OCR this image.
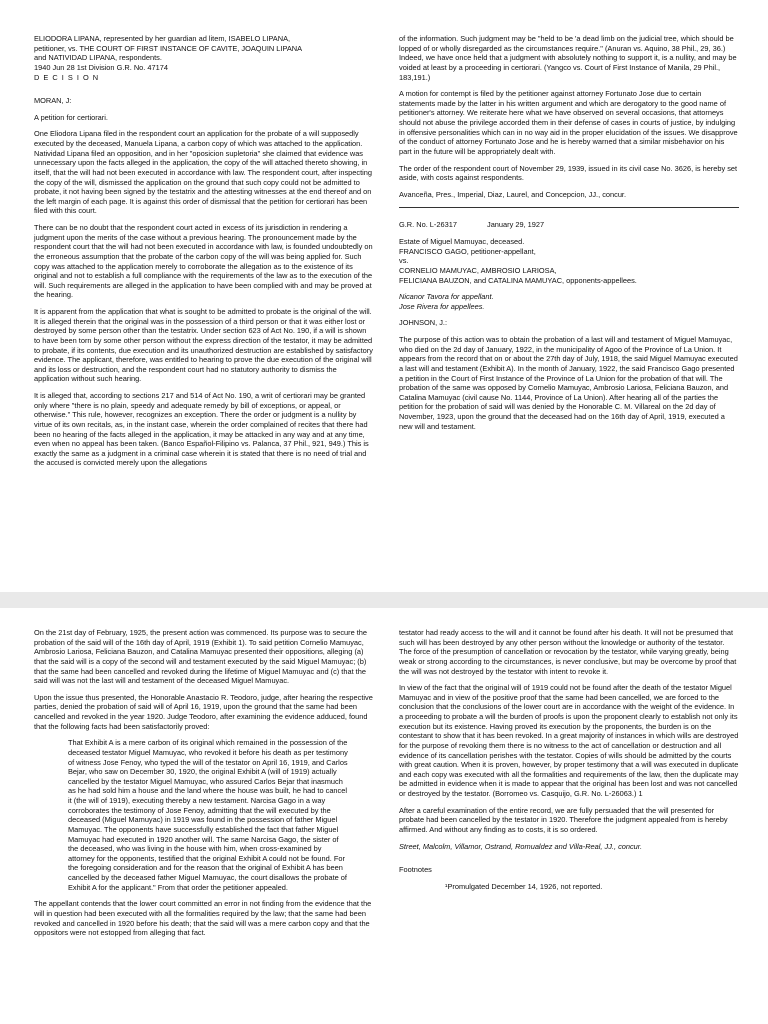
ELIODORA LIPANA, represented by her guardian ad litem, ISABELO LIPANA,
petitioner, vs. THE COURT OF FIRST INSTANCE OF CAVITE, JOAQUIN LIPANA
and NATIVIDAD LIPANA, respondents.
1940 Jun 28 1st Division G.R. No. 47174
D E C I S I O N

MORAN, J:

A petition for certiorari.

One Eliodora Lipana filed in the respondent court an application for the probate of a will supposedly executed by the deceased, Manuela Lipana, a carbon copy of which was attached to the application. Natividad Lipana filed an opposition, and in her "oposicion supletoria" she claimed that evidence was unnecessary upon the facts alleged in the application, the copy of the will attached thereto showing, in itself, that the will had not been executed in accordance with law. The respondent court, after inspecting the copy of the will, dismissed the application on the ground that such copy could not be admitted to probate, it not having been signed by the testatrix and the attesting witnesses at the end thereof and on the left margin of each page. It is against this order of dismissal that the petition for certiorari has been filed with this court.

There can be no doubt that the respondent court acted in excess of its jurisdiction in rendering a judgment upon the merits of the case without a previous hearing. The pronouncement made by the respondent court that the will had not been executed in accordance with law, is founded undoubtedly on the erroneous assumption that the probate of the carbon copy of the will was being applied for. Such copy was attached to the application merely to corroborate the allegation as to the existence of its original and not to establish a full compliance with the requirements of the law as to the execution of the will. Such requirements are alleged in the application to have been complied with and may be proved at the hearing.

It is apparent from the application that what is sought to be admitted to probate is the original of the will. It is alleged therein that the original was in the possession of a third person or that it was either lost or destroyed by some person other than the testatrix. Under section 623 of Act No. 190, if a will is shown to have been torn by some other person without the express direction of the testator, it may be admitted to probate, if its contents, due execution and its unauthorized destruction are established by satisfactory evidence. The applicant, therefore, was entitled to hearing to prove the due execution of the original will and its loss or destruction, and the respondent court had no statutory authority to dismiss the application without such hearing.

It is alleged that, according to sections 217 and 514 of Act No. 190, a writ of certiorari may be granted only where "there is no plain, speedy and adequate remedy by bill of exceptions, or appeal, or otherwise." This rule, however, recognizes an exception. There the order or judgment is a nullity by virtue of its own recitals, as, in the instant case, wherein the order complained of recites that there had been no hearing of the facts alleged in the application, it may be attacked in any way and at any time, even when no appeal has been taken. (Banco Español-Filipino vs. Palanca, 37 Phil., 921, 949.) This is exactly the same as a judgment in a criminal case wherein it is stated that there is no need of trial and the accused is convicted merely upon the allegations

of the information. Such judgment may be "held to be 'a dead limb on the judicial tree, which should be lopped of or wholly disregarded as the circumstances require." (Anuran vs. Aquino, 38 Phil., 29, 36.) Indeed, we have once held that a judgment with absolutely nothing to support it, is a nullity, and may be voided at least by a proceeding in certiorari. (Yangco vs. Court of First Instance of Manila, 29 Phil., 183,191.)

A motion for contempt is filed by the petitioner against attorney Fortunato Jose due to certain statements made by the latter in his written argument and which are derogatory to the good name of petitioner's attorney. We reiterate here what we have observed on several occasions, that attorneys should not abuse the privilege accorded them in their defense of cases in courts of justice, by indulging in offensive personalities which can in no way aid in the proper elucidation of the issues. We disapprove of the conduct of attorney Fortunato Jose and he is hereby warned that a similar misbehavior on his part in the future will be appropriately dealt with.

The order of the respondent court of November 29, 1939, issued in its civil case No. 3626, is hereby set aside, with costs against respondents.

Avanceña, Pres., Imperial, Diaz, Laurel, and Concepcion, JJ., concur.

G.R. No. L-26317	January 29, 1927

Estate of Miguel Mamuyac, deceased.
FRANCISCO GAGO, petitioner-appellant,
vs.
CORNELIO MAMUYAC, AMBROSIO LARIOSA,
FELICIANA BAUZON, and CATALINA MAMUYAC, opponents-appellees.
Nicanor Tavora for appellant.
Jose Rivera for appellees.

JOHNSON, J.:

The purpose of this action was to obtain the probation of a last will and testament of Miguel Mamuyac, who died on the 2d day of January, 1922, in the municipality of Agoo of the Province of La Union. It appears from the record that on or about the 27th day of July, 1918, the said Miguel Mamuyac executed a last will and testament (Exhibit A). In the month of January, 1922, the said Francisco Gago presented a petition in the Court of First Instance of the Province of La Union for the probation of that will. The probation of the same was opposed by Cornelio Mamuyac, Ambrosio Lariosa, Feliciana Bauzon, and Catalina Mamuyac (civil cause No. 1144, Province of La Union). After hearing all of the parties the petition for the probation of said will was denied by the Honorable C. M. Villareal on the 2d day of November, 1923, upon the ground that the deceased had on the 16th day of April, 1919, executed a new will and testament.

On the 21st day of February, 1925, the present action was commenced. Its purpose was to secure the probation of the said will of the 16th day of April, 1919 (Exhibit 1). To said petition Cornelio Mamuyac, Ambrosio Lariosa, Feliciana Bauzon, and Catalina Mamuyac presented their oppositions, alleging (a) that the said will is a copy of the second will and testament executed by the said Miguel Mamuyac; (b) that the same had been cancelled and revoked during the lifetime of Miguel Mamuyac and (c) that the said will was not the last will and testament of the deceased Miguel Mamuyac.

Upon the issue thus presented, the Honorable Anastacio R. Teodoro, judge, after hearing the respective parties, denied the probation of said will of April 16, 1919, upon the ground that the same had been cancelled and revoked in the year 1920. Judge Teodoro, after examining the evidence adduced, found that the following facts had been satisfactorily proved:

That Exhibit A is a mere carbon of its original which remained in the possession of the deceased testator Miguel Mamuyac, who revoked it before his death as per testimony of witness Jose Fenoy, who typed the will of the testator on April 16, 1919, and Carlos Bejar, who saw on December 30, 1920, the original Exhibit A (will of 1919) actually cancelled by the testator Miguel Mamuyac, who assured Carlos Bejar that inasmuch as he had sold him a house and the land where the house was built, he had to cancel it (the will of 1919), executing thereby a new testament. Narcisa Gago in a way corroborates the testimony of Jose Fenoy, admitting that the will executed by the deceased (Miguel Mamuyac) in 1919 was found in the possession of father Miguel Mamuyac. The opponents have successfully established the fact that father Miguel Mamuyac had executed in 1920 another will. The same Narcisa Gago, the sister of the deceased, who was living in the house with him, when cross-examined by attorney for the opponents, testified that the original Exhibit A could not be found. For the foregoing consideration and for the reason that the original of Exhibit A has been cancelled by the deceased father Miguel Mamuyac, the court disallows the probate of Exhibit A for the applicant." From that order the petitioner appealed.

The appellant contends that the lower court committed an error in not finding from the evidence that the will in question had been executed with all the formalities required by the law; that the same had been revoked and cancelled in 1920 before his death; that the said will was a mere carbon copy and that the oppositors were not estopped from alleging that fact.

testator had ready access to the will and it cannot be found after his death. It will not be presumed that such will has been destroyed by any other person without the knowledge or authority of the testator. The force of the presumption of cancellation or revocation by the testator, while varying greatly, being weak or strong according to the circumstances, is never conclusive, but may be overcome by proof that the will was not destroyed by the testator with intent to revoke it.

In view of the fact that the original will of 1919 could not be found after the death of the testator Miguel Mamuyac and in view of the positive proof that the same had been cancelled, we are forced to the conclusion that the conclusions of the lower court are in accordance with the weight of the evidence. In a proceeding to probate a will the burden of proofs is upon the proponent clearly to establish not only its execution but its existence. Having proved its execution by the proponents, the burden is on the contestant to show that it has been revoked. In a great majority of instances in which wills are destroyed for the purpose of revoking them there is no witness to the act of cancellation or destruction and all evidence of its cancellation perishes with the testator. Copies of wills should be admitted by the courts with great caution. When it is proven, however, by proper testimony that a will was executed in duplicate and each copy was executed with all the formalities and requirements of the law, then the duplicate may be admitted in evidence when it is made to appear that the original has been lost and was not cancelled or destroyed by the testator. (Borromeo vs. Casquijo, G.R. No. L-26063.) 1

After a careful examination of the entire record, we are fully persuaded that the will presented for probate had been cancelled by the testator in 1920. Therefore the judgment appealed from is hereby affirmed. And without any finding as to costs, it is so ordered.

Street, Malcolm, Villamor, Ostrand, Romualdez and Villa-Real, JJ., concur.

Footnotes

¹Promulgated December 14, 1926, not reported.
